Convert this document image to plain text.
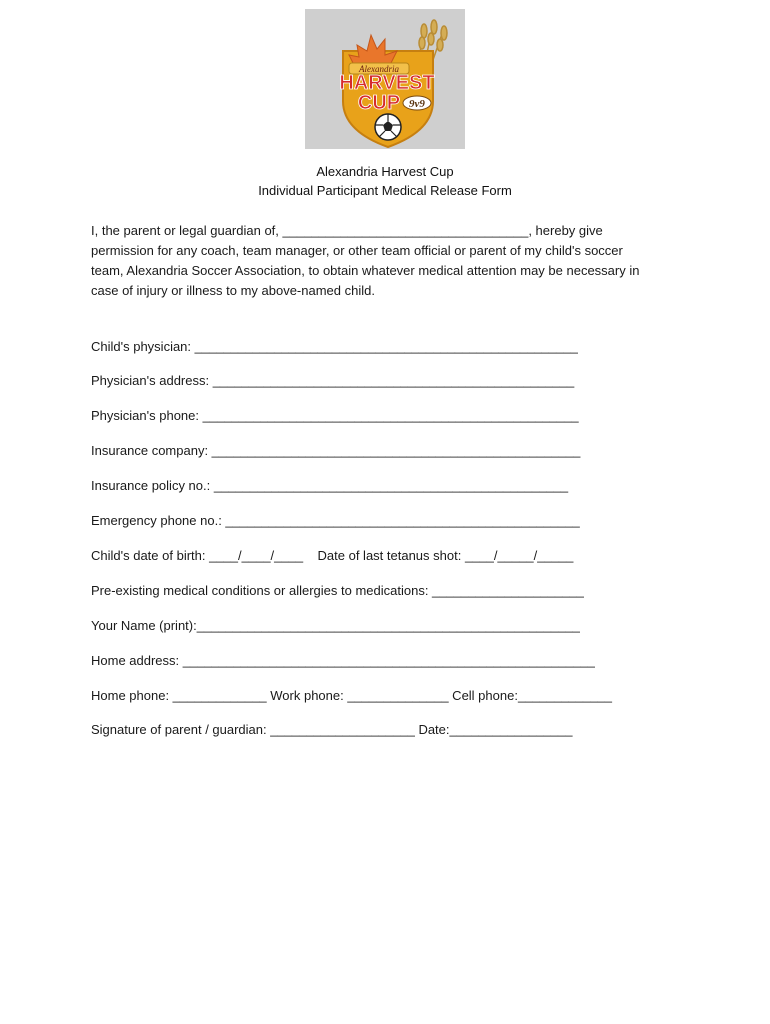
Alexandria
HARVEST
CUP 9v9
Alexandria Harvest Cup
Individual Participant Medical Release Form
I, the parent or legal guardian of, __________________________________, hereby give
permission for any coach, team manager, or other team official or parent of my child's soccer
team, Alexandria Soccer Association, to obtain whatever medical attention may be necessary in
case of injury or illness to my above-named child.
Child's physician: _____________________________________________________
Physician's address: __________________________________________________
Physician's phone: ____________________________________________________
Insurance company: ___________________________________________________
Insurance policy no.: _________________________________________________
Emergency phone no.: _________________________________________________
Child's date of birth: ____/____/____    Date of last tetanus shot: ____/_____/_____
Pre-existing medical conditions or allergies to medications: _____________________
Your Name (print):_____________________________________________________
Home address: _________________________________________________________
Home phone: _____________ Work phone: ______________ Cell phone:_____________
Signature of parent / guardian: ____________________ Date:_________________
